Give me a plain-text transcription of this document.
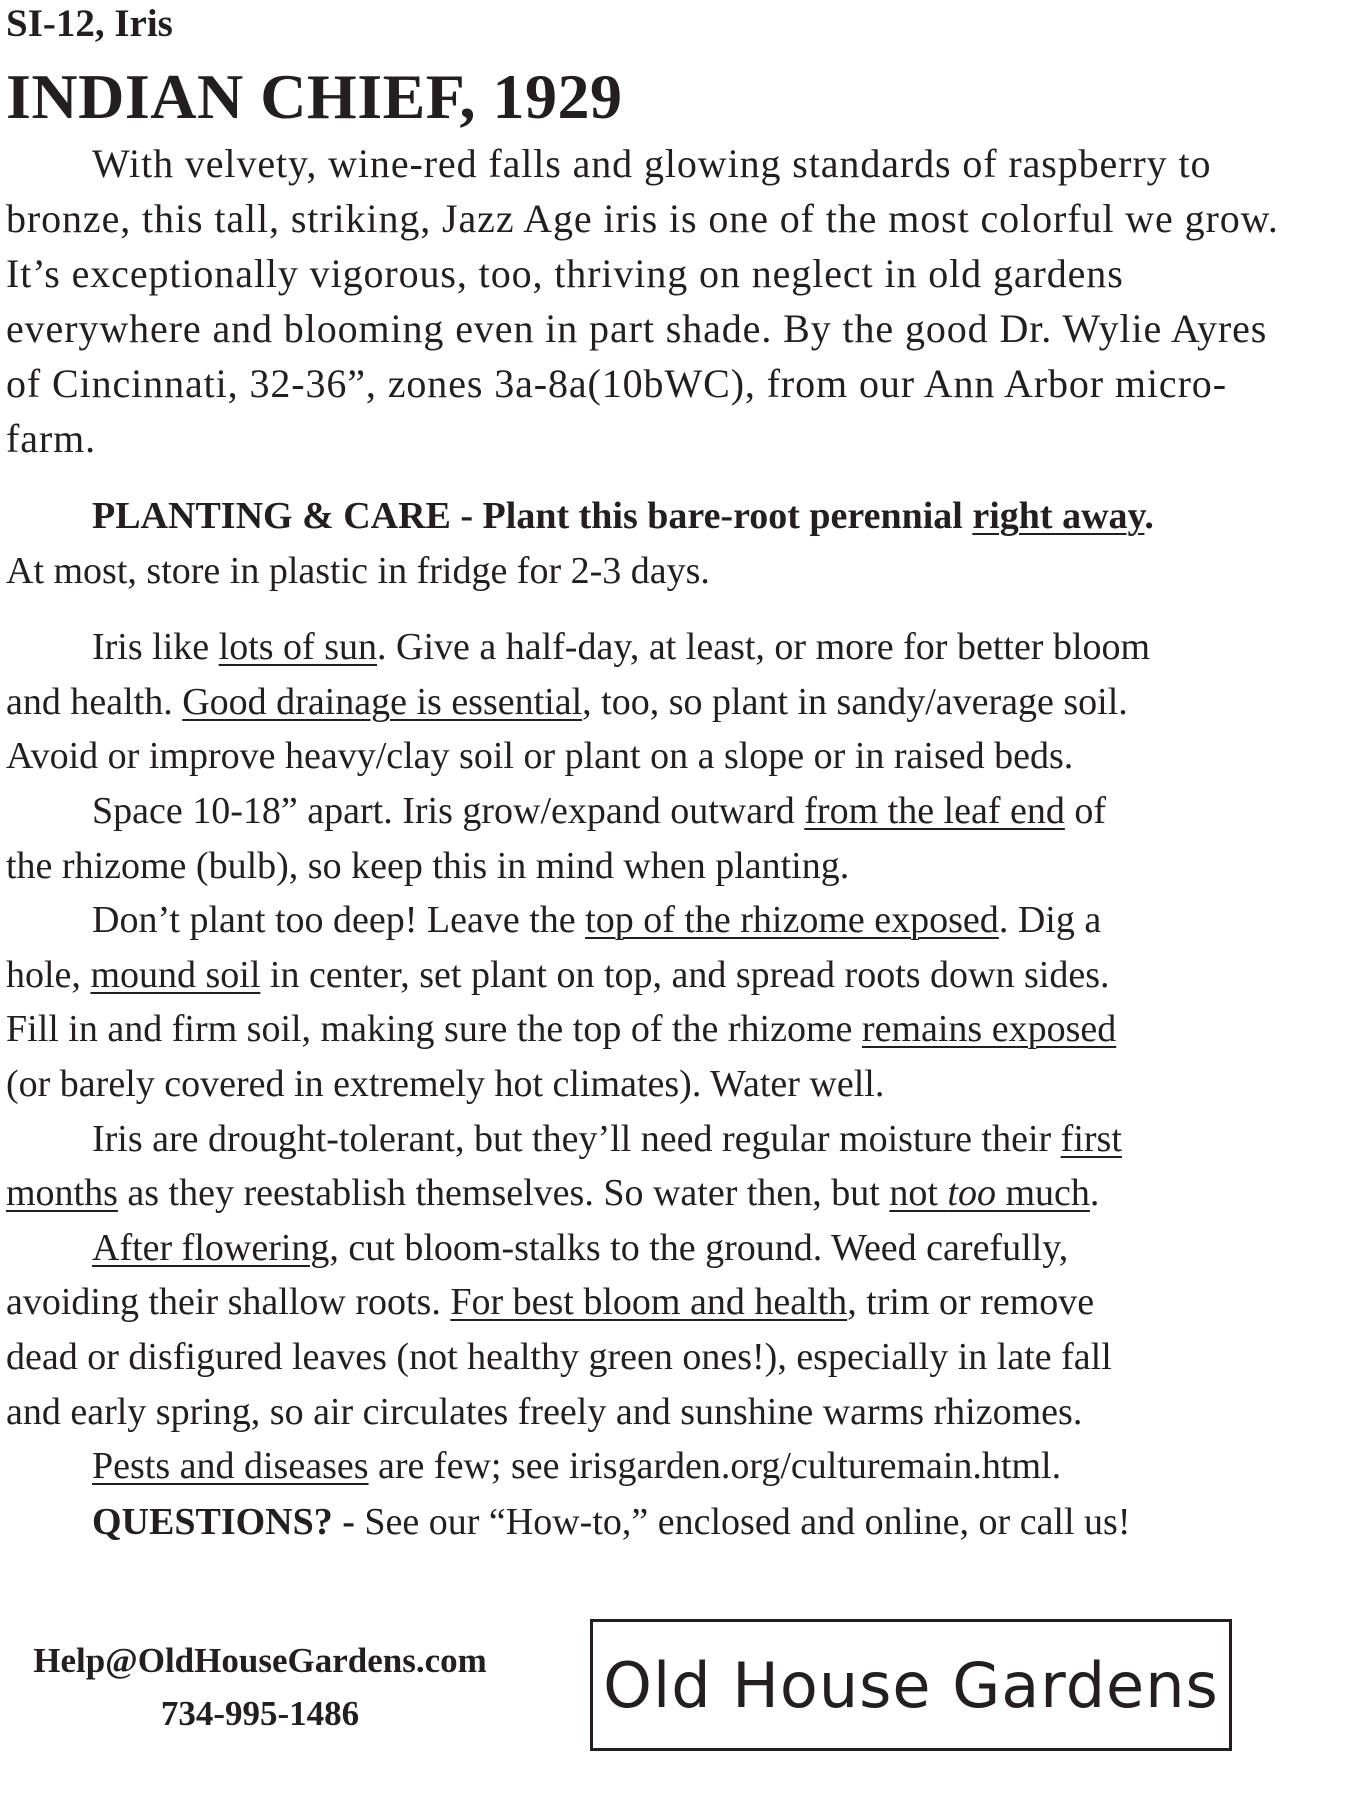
SI-12, Iris
INDIAN CHIEF, 1929

With velvety, wine-red falls and glowing standards of raspberry to bronze, this tall, striking, Jazz Age iris is one of the most colorful we grow. It’s exceptionally vigorous, too, thriving on neglect in old gardens everywhere and blooming even in part shade. By the good Dr. Wylie Ayres of Cincinnati, 32-36”, zones 3a-8a(10bWC), from our Ann Arbor micro-farm.

PLANTING & CARE - Plant this bare-root perennial right away.
At most, store in plastic in fridge for 2-3 days.

Iris like lots of sun. Give a half-day, at least, or more for better bloom
and health. Good drainage is essential, too, so plant in sandy/average soil.
Avoid or improve heavy/clay soil or plant on a slope or in raised beds.

Space 10-18” apart. Iris grow/expand outward from the leaf end of
the rhizome (bulb), so keep this in mind when planting.

Don’t plant too deep! Leave the top of the rhizome exposed. Dig a
hole, mound soil in center, set plant on top, and spread roots down sides.
Fill in and firm soil, making sure the top of the rhizome remains exposed
(or barely covered in extremely hot climates). Water well.

Iris are drought-tolerant, but they’ll need regular moisture their first
months as they reestablish themselves. So water then, but not too much.

After flowering, cut bloom-stalks to the ground. Weed carefully,
avoiding their shallow roots. For best bloom and health, trim or remove
dead or disfigured leaves (not healthy green ones!), especially in late fall
and early spring, so air circulates freely and sunshine warms rhizomes.

Pests and diseases are few; see irisgarden.org/culturemain.html.

QUESTIONS? - See our “How-to,” enclosed and online, or call us!

Help@OldHouseGardens.com
734-995-1486	Old House Gardens
